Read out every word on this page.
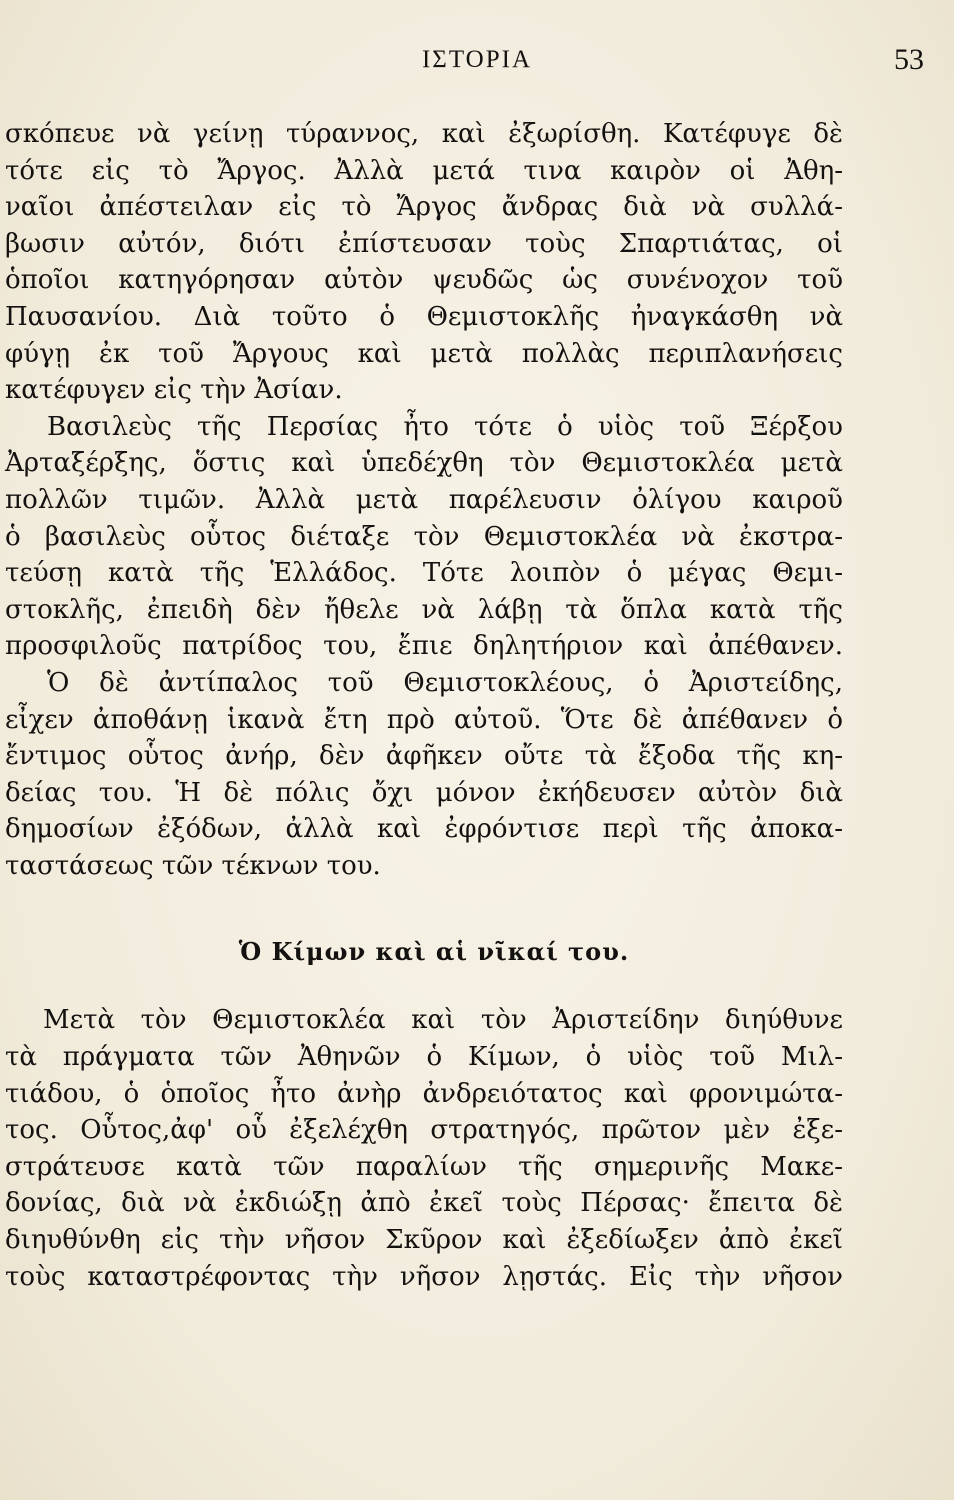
ΙΣΤΟΡΙΑ	53
σκόπευε νὰ γείνῃ τύραννος, καὶ ἐξωρίσθη. Κατέφυγε δὲ
τότε εἰς τὸ Ἄργος. Ἀλλὰ μετά τινα καιρὸν οἱ Ἀθη-
ναῖοι ἀπέστειλαν εἰς τὸ Ἄργος ἄνδρας διὰ νὰ συλλά-
βωσιν αὐτόν, διότι ἐπίστευσαν τοὺς Σπαρτιάτας, οἱ
ὁποῖοι κατηγόρησαν αὐτὸν ψευδῶς ὡς συνένοχον τοῦ
Παυσανίου. Διὰ τοῦτο ὁ Θεμιστοκλῆς ἠναγκάσθη νὰ
φύγῃ ἐκ τοῦ Ἄργους καὶ μετὰ πολλὰς περιπλανήσεις
κατέφυγεν εἰς τὴν Ἀσίαν.
Βασιλεὺς τῆς Περσίας ἦτο τότε ὁ υἱὸς τοῦ Ξέρξου
Ἀρταξέρξης, ὅστις καὶ ὑπεδέχθη τὸν Θεμιστοκλέα μετὰ
πολλῶν τιμῶν. Ἀλλὰ μετὰ παρέλευσιν ὀλίγου καιροῦ
ὁ βασιλεὺς οὗτος διέταξε τὸν Θεμιστοκλέα νὰ ἐκστρα-
τεύσῃ κατὰ τῆς Ἑλλάδος. Τότε λοιπὸν ὁ μέγας Θεμι-
στοκλῆς, ἐπειδὴ δὲν ἤθελε νὰ λάβῃ τὰ ὅπλα κατὰ τῆς
προσφιλοῦς πατρίδος του, ἔπιε δηλητήριον καὶ ἀπέθανεν.
Ὁ δὲ ἀντίπαλος τοῦ Θεμιστοκλέους, ὁ Ἀριστείδης,
εἶχεν ἀποθάνῃ ἱκανὰ ἔτη πρὸ αὐτοῦ. Ὅτε δὲ ἀπέθανεν ὁ
ἔντιμος οὗτος ἀνήρ, δὲν ἀφῆκεν οὔτε τὰ ἔξοδα τῆς κη-
δείας του. Ἡ δὲ πόλις ὄχι μόνον ἐκήδευσεν αὐτὸν διὰ
δημοσίων ἐξόδων, ἀλλὰ καὶ ἐφρόντισε περὶ τῆς ἀποκα-
ταστάσεως τῶν τέκνων του.
Ὁ Κίμων καὶ αἱ νῖκαί του.
Μετὰ τὸν Θεμιστοκλέα καὶ τὸν Ἀριστείδην διηύθυνε
τὰ πράγματα τῶν Ἀθηνῶν ὁ Κίμων, ὁ υἱὸς τοῦ Μιλ-
τιάδου, ὁ ὁποῖος ἦτο ἀνὴρ ἀνδρειότατος καὶ φρονιμώτα-
τος. Οὗτος,ἀφ' οὗ ἐξελέχθη στρατηγός, πρῶτον μὲν ἐξε-
στράτευσε κατὰ τῶν παραλίων τῆς σημερινῆς Μακε-
δονίας, διὰ νὰ ἐκδιώξῃ ἀπὸ ἐκεῖ τοὺς Πέρσας· ἔπειτα δὲ
διηυθύνθη εἰς τὴν νῆσον Σκῦρον καὶ ἐξεδίωξεν ἀπὸ ἐκεῖ
τοὺς καταστρέφοντας τὴν νῆσον λῃστάς. Εἰς τὴν νῆσον
